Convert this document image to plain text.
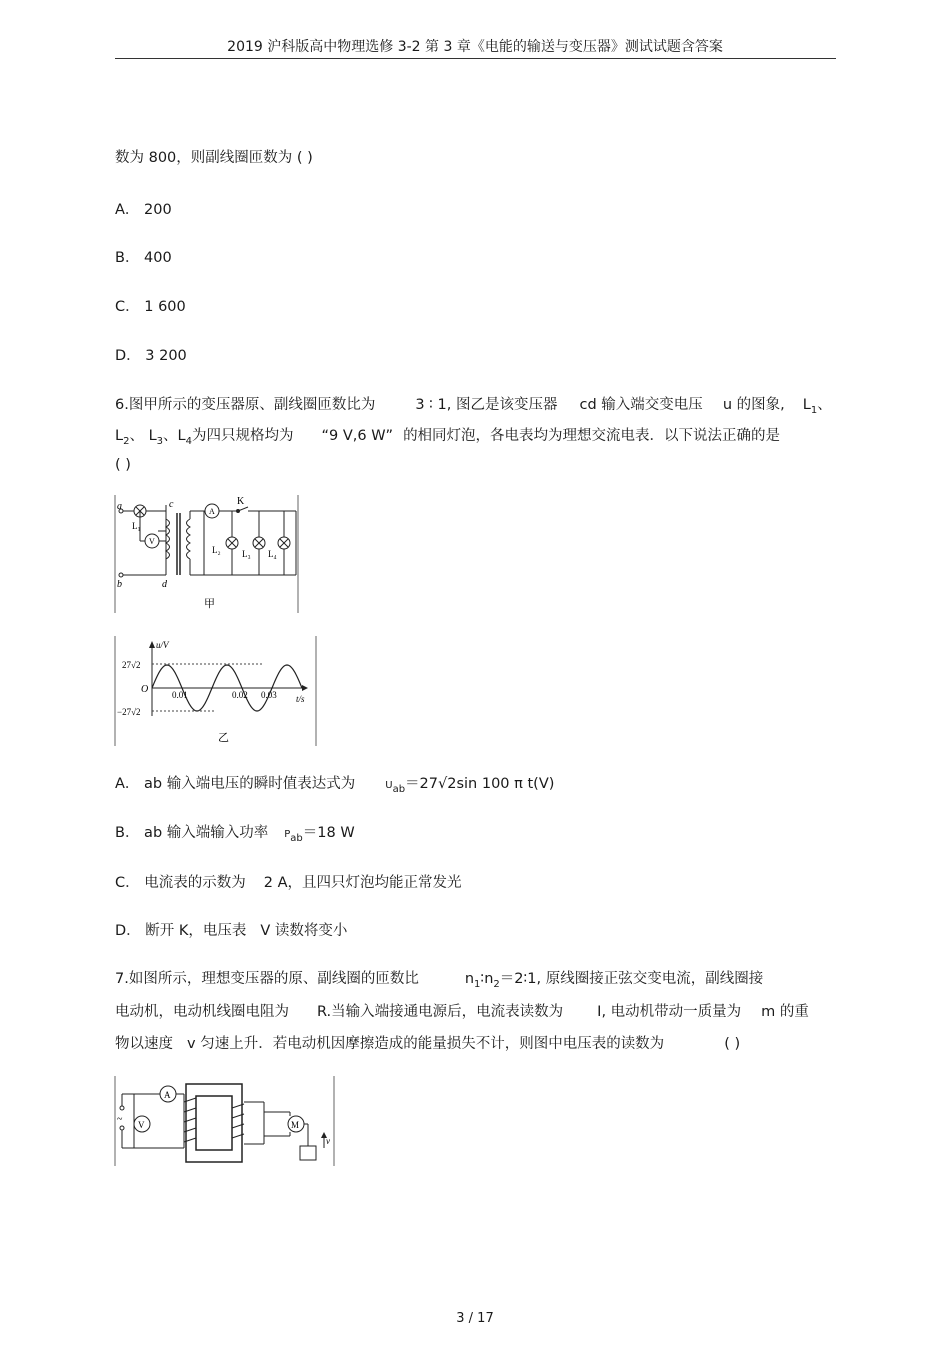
2019 沪科版高中物理选修 3-2 第 3 章《电能的输送与变压器》测试试题含答案
数为 800，则副线圈匝数为 ( )
A． 200
B． 400
C． 1 600
D． 3 200
6.图甲所示的变压器原、副线圈匝数比为	3 ∶ 1, 图乙是该变压器 cd 输入端交变电压 u 的图象, $L_1$、
$L_2$、 $L_3$、$L_4$为四只规格均为 “9 V,6 W” 的相同灯泡，各电表均为理想交流电表．以下说法正确的是
( )
a
b
c
d
K
A
V
L₁
L₂ L₃ L₄
甲
u/V
t/s
O
27√2
−27√2
0.01	0.02 0.03
乙
A． ab 输入端电压的瞬时值表达式为	$U_{ab}=27√2\sin$ 100 π t(V)
B． ab 输入端输入功率 $P_{ab}=18$ W
C． 电流表的示数为 2 A，且四只灯泡均能正常发光
D． 断开 K，电压表 V 读数将变小
7.如图所示，理想变压器的原、副线圈的匝数比	$n_1∶n_2=2∶1$, 原线圈接正弦交变电流，副线圈接
电动机，电动机线圈电阻为 R.当输入端接通电源后，电流表读数为 I, 电动机带动一质量为 m 的重
物以速度 v 匀速上升．若电动机因摩擦造成的能量损失不计，则图中电压表的读数为	( )
~
A
V	M
v
3 / 17
